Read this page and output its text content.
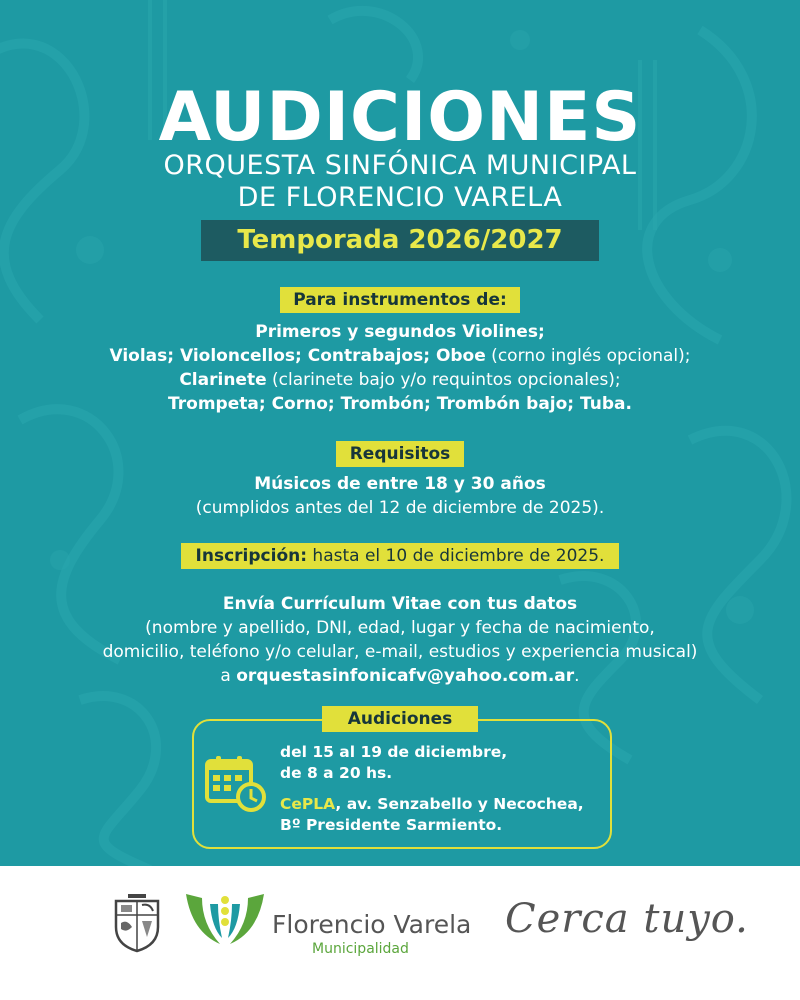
AUDICIONES
ORQUESTA SINFÓNICA MUNICIPAL
DE FLORENCIO VARELA
Temporada 2026/2027
Para instrumentos de:
Primeros y segundos Violines;
Violas; Violoncellos; Contrabajos; Oboe (corno inglés opcional);
Clarinete (clarinete bajo y/o requintos opcionales);
Trompeta; Corno; Trombón; Trombón bajo; Tuba.
Requisitos
Músicos de entre 18 y 30 años
(cumplidos antes del 12 de diciembre de 2025).
Inscripción: hasta el 10 de diciembre de 2025.
Envía Currículum Vitae con tus datos
(nombre y apellido, DNI, edad, lugar y fecha de nacimiento,
domicilio, teléfono y/o celular, e-mail, estudios y experiencia musical)
a orquestasinfonicafv@yahoo.com.ar.
Audiciones
del 15 al 19 de diciembre,
de 8 a 20 hs.
CePLA, av. Senzabello y Necochea,
Bº Presidente Sarmiento.
Florencio Varela
Municipalidad
Cerca tuyo.
